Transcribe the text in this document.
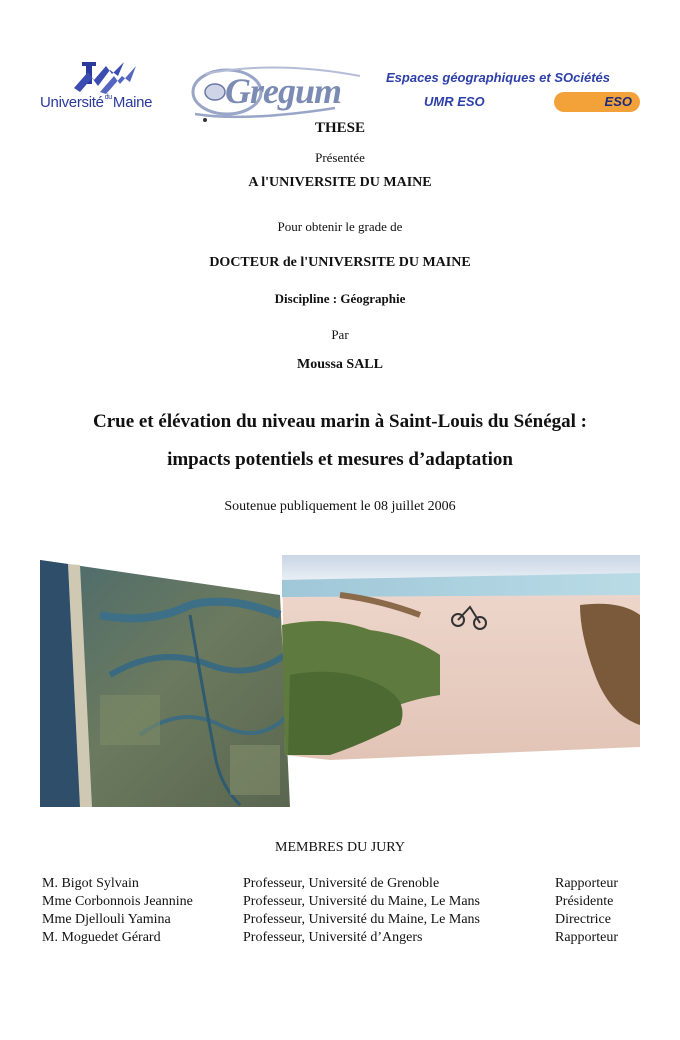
Université$^{du}$Maine Gregum	Espaces géographiques et SOciétés
UMR ESO	ESO
THESE
Présentée
A l'UNIVERSITE DU MAINE
Pour obtenir le grade de
DOCTEUR de l'UNIVERSITE DU MAINE
Discipline : Géographie
Par
Moussa SALL
Crue et élévation du niveau marin à Saint-Louis du Sénégal :
impacts potentiels et mesures d’adaptation
Soutenue publiquement le 08 juillet 2006
MEMBRES DU JURY
M. Bigot Sylvain	Professeur, Université de Grenoble	Rapporteur
Mme Corbonnois Jeannine	Professeur, Université du Maine, Le Mans	Présidente
Mme Djellouli Yamina	Professeur, Université du Maine, Le Mans	Directrice
M. Moguedet Gérard	Professeur, Université d’Angers	Rapporteur
